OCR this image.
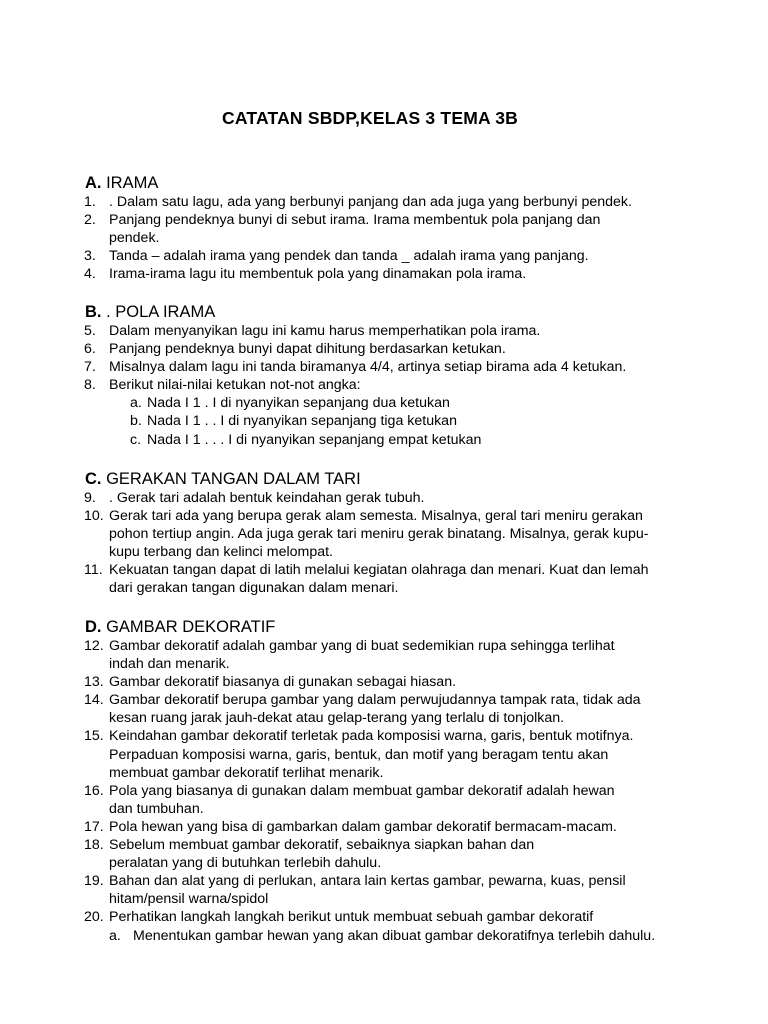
CATATAN SBDP,KELAS 3 TEMA 3B
A. IRAMA
1. . Dalam satu lagu, ada yang berbunyi panjang dan ada juga yang berbunyi pendek.
2. Panjang pendeknya bunyi di sebut irama. Irama membentuk pola panjang dan
pendek.
3. Tanda – adalah irama yang pendek dan tanda _ adalah irama yang panjang.
4. Irama-irama lagu itu membentuk pola yang dinamakan pola irama.
B. . POLA IRAMA
5. Dalam menyanyikan lagu ini kamu harus memperhatikan pola irama.
6. Panjang pendeknya bunyi dapat dihitung berdasarkan ketukan.
7. Misalnya dalam lagu ini tanda biramanya 4/4, artinya setiap birama ada 4 ketukan.
8. Berikut nilai-nilai ketukan not-not angka:
a. Nada I 1 . I di nyanyikan sepanjang dua ketukan
b. Nada I 1 . . I di nyanyikan sepanjang tiga ketukan
c. Nada I 1 . . . I di nyanyikan sepanjang empat ketukan
C. GERAKAN TANGAN DALAM TARI
9. . Gerak tari adalah bentuk keindahan gerak tubuh.
10. Gerak tari ada yang berupa gerak alam semesta. Misalnya, geral tari meniru gerakan
pohon tertiup angin. Ada juga gerak tari meniru gerak binatang. Misalnya, gerak kupu-
kupu terbang dan kelinci melompat.
11. Kekuatan tangan dapat di latih melalui kegiatan olahraga dan menari. Kuat dan lemah
dari gerakan tangan digunakan dalam menari.
D. GAMBAR DEKORATIF
12. Gambar dekoratif adalah gambar yang di buat sedemikian rupa sehingga terlihat
indah dan menarik.
13. Gambar dekoratif biasanya di gunakan sebagai hiasan.
14. Gambar dekoratif berupa gambar yang dalam perwujudannya tampak rata, tidak ada
kesan ruang jarak jauh-dekat atau gelap-terang yang terlalu di tonjolkan.
15. Keindahan gambar dekoratif terletak pada komposisi warna, garis, bentuk motifnya.
Perpaduan komposisi warna, garis, bentuk, dan motif yang beragam tentu akan
membuat gambar dekoratif terlihat menarik.
16. Pola yang biasanya di gunakan dalam membuat gambar dekoratif adalah hewan
dan tumbuhan.
17. Pola hewan yang bisa di gambarkan dalam gambar dekoratif bermacam-macam.
18. Sebelum membuat gambar dekoratif, sebaiknya siapkan bahan dan
peralatan yang di butuhkan terlebih dahulu.
19. Bahan dan alat yang di perlukan, antara lain kertas gambar, pewarna, kuas, pensil
hitam/pensil warna/spidol
20. Perhatikan langkah langkah berikut untuk membuat sebuah gambar dekoratif
a. Menentukan gambar hewan yang akan dibuat gambar dekoratifnya terlebih dahulu.
